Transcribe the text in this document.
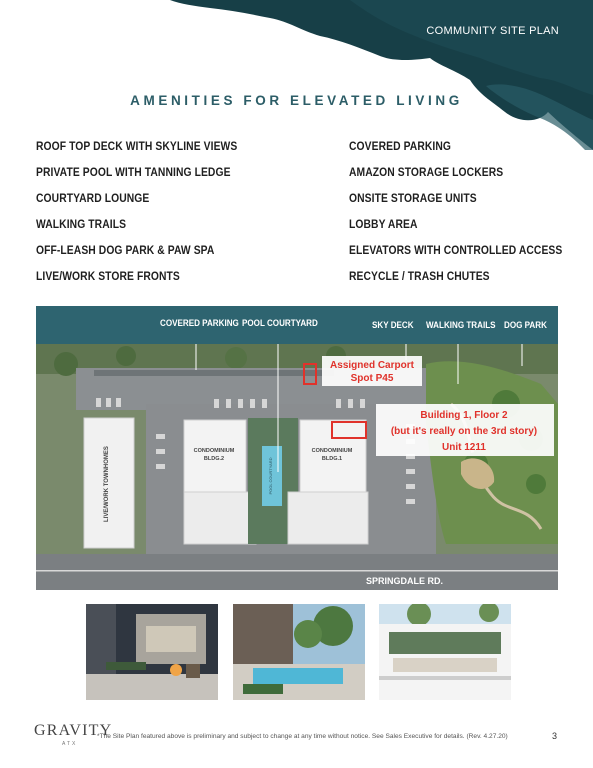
COMMUNITY SITE PLAN
AMENITIES FOR ELEVATED LIVING
ROOF TOP DECK WITH SKYLINE VIEWS
PRIVATE POOL WITH TANNING LEDGE
COURTYARD LOUNGE
WALKING TRAILS
OFF-LEASH DOG PARK & PAW SPA
LIVE/WORK STORE FRONTS
COVERED PARKING
AMAZON STORAGE LOCKERS
ONSITE STORAGE UNITS
LOBBY AREA
ELEVATORS WITH CONTROLLED ACCESS
RECYCLE / TRASH CHUTES
COVERED PARKING POOL COURTYARD	SKY DECK WALKING TRAILS DOG PARK
LIVE/WORK TOWNHOMES	CONDOMINIUM
BLDG.2	POOL COURTYARD
CONDOMINIUM
BLDG.1
SPRINGDALE RD.
Assigned Carport
Spot P45
Building 1, Floor 2
(but it's really on the 3rd story)
Unit 1211
GRAVITY
ATX
*The Site Plan featured above is preliminary and subject to change at any time without notice. See Sales Executive for details. (Rev. 4.27.20)	3
